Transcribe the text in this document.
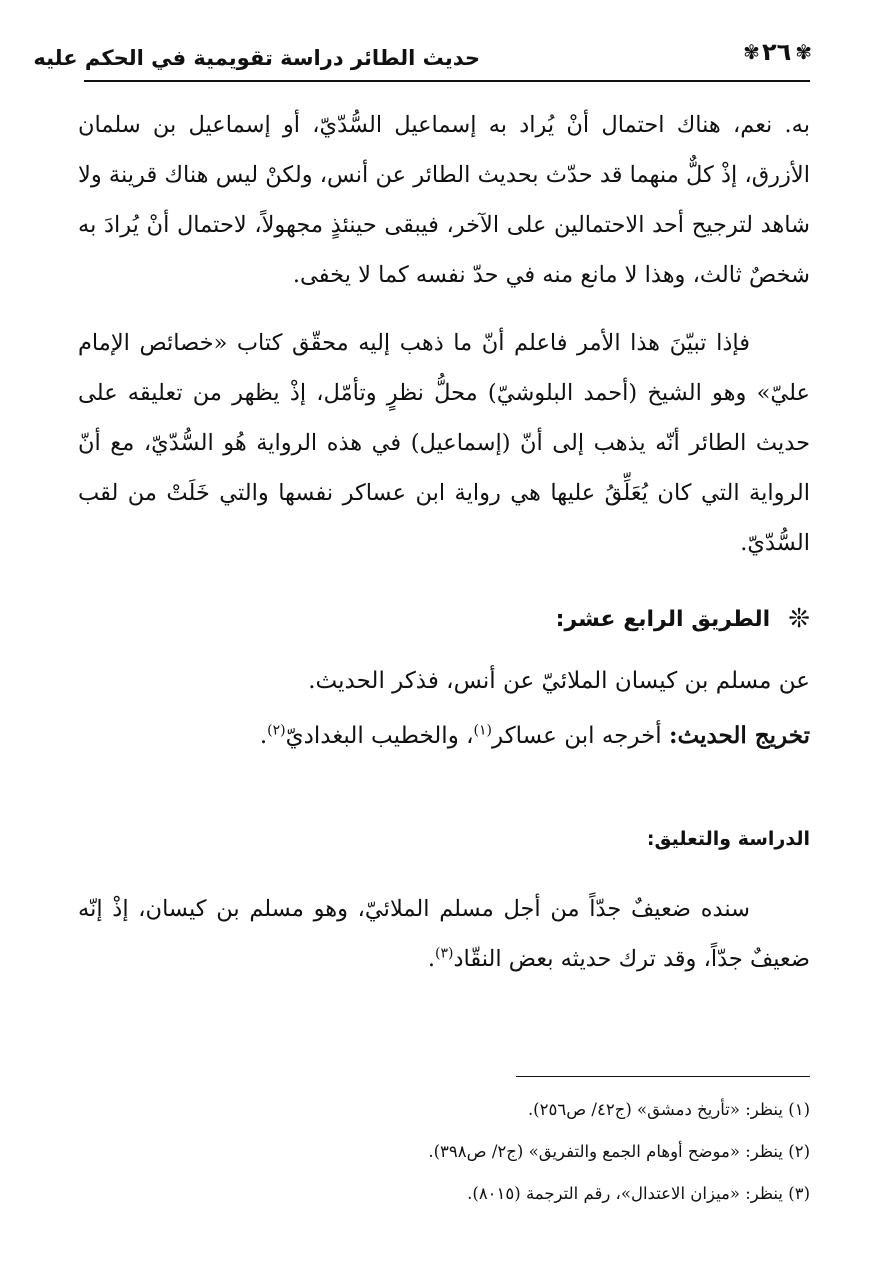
✾
٢٦
✾
حديث الطائر دراسة تقويمية في الحكم عليه
به. نعم، هناك احتمال أنْ يُراد به إسماعيل السُّدّيّ، أو إسماعيل بن سلمان الأزرق، إذْ كلٌّ منهما قد حدّث بحديث الطائر عن أنس، ولكنْ ليس هناك قرينة ولا شاهد لترجيح أحد الاحتمالين على الآخر، فيبقى حينئذٍ مجهولاً، لاحتمال أنْ يُرادَ به شخصٌ ثالث، وهذا لا مانع منه في حدّ نفسه كما لا يخفى.
فإذا تبيّنَ هذا الأمر فاعلم أنّ ما ذهب إليه محقّق كتاب «خصائص الإمام عليّ» وهو الشيخ (أحمد البلوشيّ) محلُّ نظرٍ وتأمّل، إذْ يظهر من تعليقه على حديث الطائر أنّه يذهب إلى أنّ (إسماعيل) في هذه الرواية هُو السُّدّيّ، مع أنّ الرواية التي كان يُعَلِّقُ عليها هي رواية ابن عساكر نفسها والتي خَلَتْ من لقب السُّدّيّ.
❊
الطريق الرابع عشر:
عن مسلم بن كيسان الملائيّ عن أنس، فذكر الحديث.
تخريج الحديث: أخرجه ابن عساكر$^{(١)}$، والخطيب البغداديّ$^{(٢)}$.
الدراسة والتعليق:
سنده ضعيفٌ جدّاً من أجل مسلم الملائيّ، وهو مسلم بن كيسان، إذْ إنّه ضعيفٌ جدّاً، وقد ترك حديثه بعض النقّاد$^{(٣)}$.
(١) ينظر: «تأريخ دمشق» (ج٤٢/ ص٢٥٦).
(٢) ينظر: «موضح أوهام الجمع والتفريق» (ج٢/ ص٣٩٨).
(٣) ينظر: «ميزان الاعتدال»، رقم الترجمة (٨٠١٥).
